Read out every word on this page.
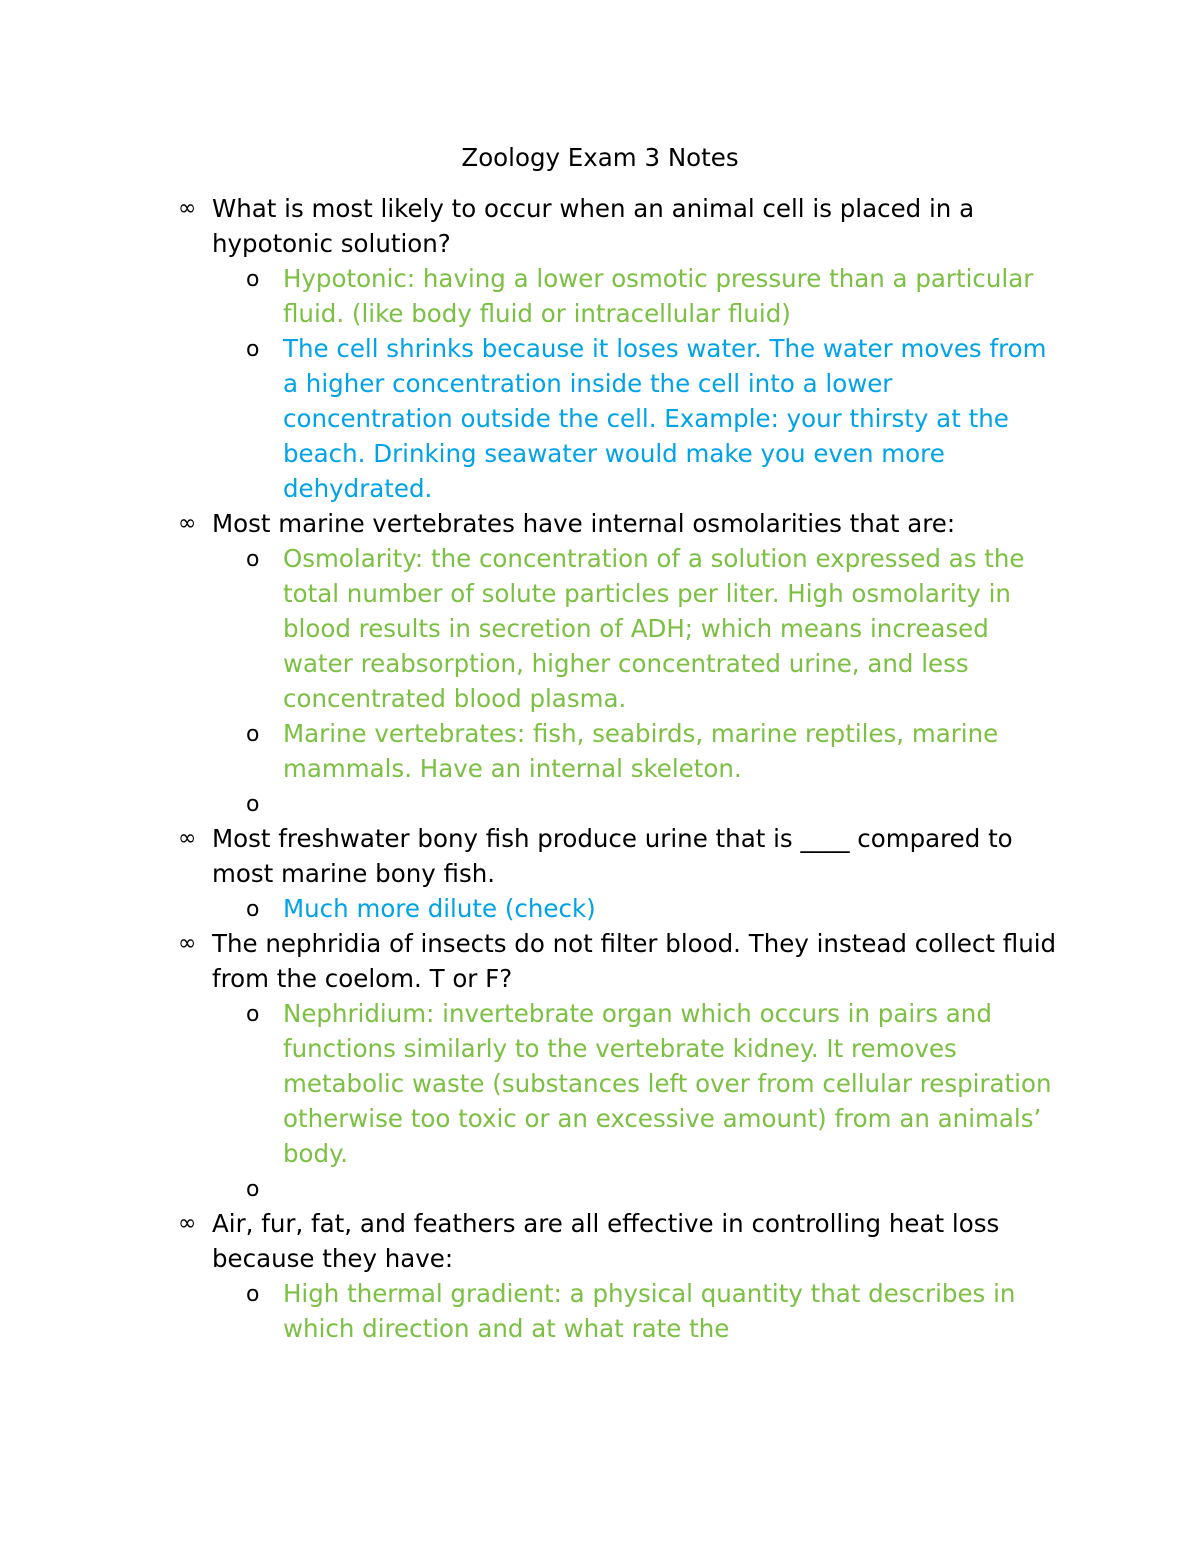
Zoology Exam 3 Notes
∞ What is most likely to occur when an animal cell is placed in a hypotonic solution?
o Hypotonic: having a lower osmotic pressure than a particular fluid. (like body fluid or intracellular fluid)
o The cell shrinks because it loses water. The water moves from a higher concentration inside the cell into a lower concentration outside the cell. Example: your thirsty at the beach. Drinking seawater would make you even more dehydrated.
∞ Most marine vertebrates have internal osmolarities that are:
o Osmolarity: the concentration of a solution expressed as the total number of solute particles per liter. High osmolarity in blood results in secretion of ADH; which means increased water reabsorption, higher concentrated urine, and less concentrated blood plasma.
o Marine vertebrates: fish, seabirds, marine reptiles, marine mammals. Have an internal skeleton.
o
∞ Most freshwater bony fish produce urine that is ____ compared to most marine bony fish.
o Much more dilute (check)
∞ The nephridia of insects do not filter blood. They instead collect fluid from the coelom. T or F?
o Nephridium: invertebrate organ which occurs in pairs and functions similarly to the vertebrate kidney. It removes metabolic waste (substances left over from cellular respiration otherwise too toxic or an excessive amount) from an animals’ body.
o
∞ Air, fur, fat, and feathers are all effective in controlling heat loss because they have:
o High thermal gradient: a physical quantity that describes in which direction and at what rate the
